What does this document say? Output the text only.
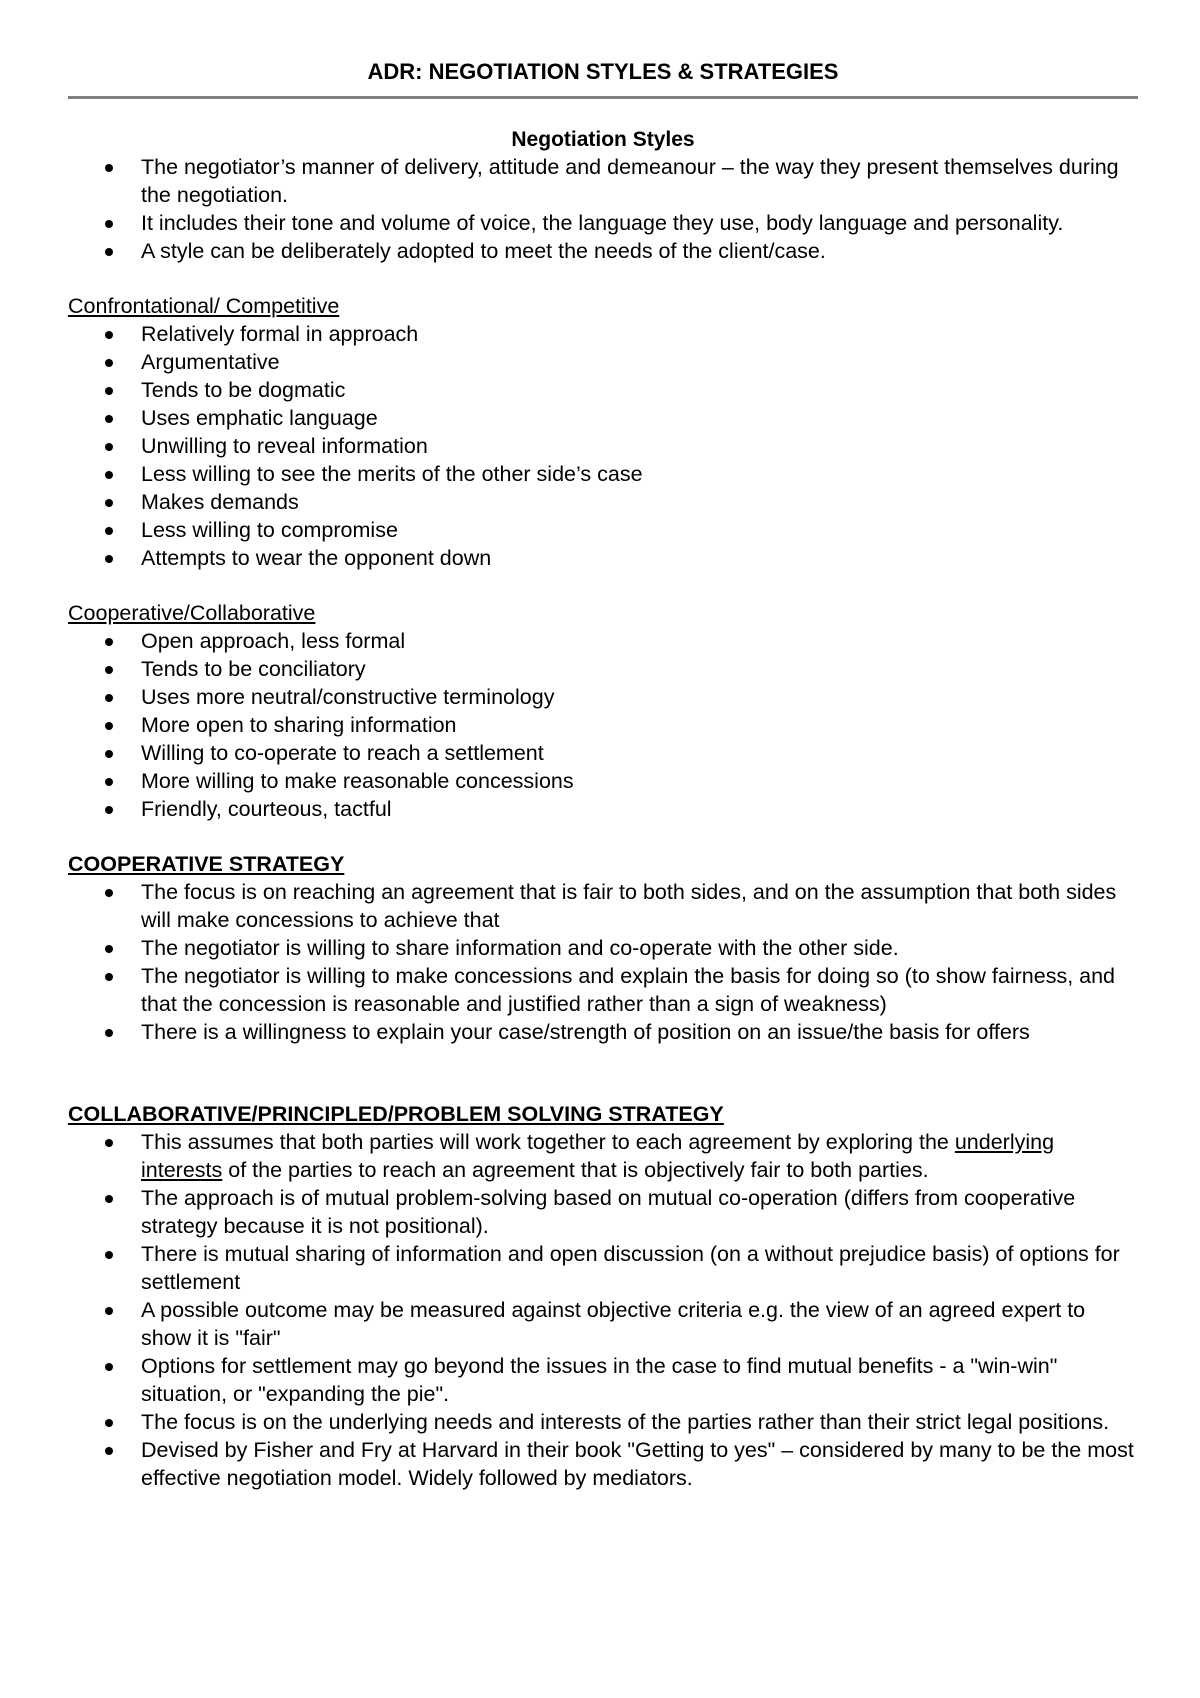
ADR: NEGOTIATION STYLES & STRATEGIES
Negotiation Styles
The negotiator’s manner of delivery, attitude and demeanour – the way they present themselves during the negotiation.
It includes their tone and volume of voice, the language they use, body language and personality.
A style can be deliberately adopted to meet the needs of the client/case.
Confrontational/ Competitive
Relatively formal in approach
Argumentative
Tends to be dogmatic
Uses emphatic language
Unwilling to reveal information
Less willing to see the merits of the other side’s case
Makes demands
Less willing to compromise
Attempts to wear the opponent down
Cooperative/Collaborative
Open approach, less formal
Tends to be conciliatory
Uses more neutral/constructive terminology
More open to sharing information
Willing to co-operate to reach a settlement
More willing to make reasonable concessions
Friendly, courteous, tactful
COOPERATIVE STRATEGY
The focus is on reaching an agreement that is fair to both sides, and on the assumption that both sides will make concessions to achieve that
The negotiator is willing to share information and co-operate with the other side.
The negotiator is willing to make concessions and explain the basis for doing so (to show fairness, and that the concession is reasonable and justified rather than a sign of weakness)
There is a willingness to explain your case/strength of position on an issue/the basis for offers
COLLABORATIVE/PRINCIPLED/PROBLEM SOLVING STRATEGY
This assumes that both parties will work together to each agreement by exploring the underlying interests of the parties to reach an agreement that is objectively fair to both parties.
The approach is of mutual problem-solving based on mutual co-operation (differs from cooperative strategy because it is not positional).
There is mutual sharing of information and open discussion (on a without prejudice basis) of options for settlement
A possible outcome may be measured against objective criteria e.g. the view of an agreed expert to show it is "fair"
Options for settlement may go beyond the issues in the case to find mutual benefits - a "win-win" situation, or "expanding the pie".
The focus is on the underlying needs and interests of the parties rather than their strict legal positions.
Devised by Fisher and Fry at Harvard in their book "Getting to yes" – considered by many to be the most effective negotiation model. Widely followed by mediators.
